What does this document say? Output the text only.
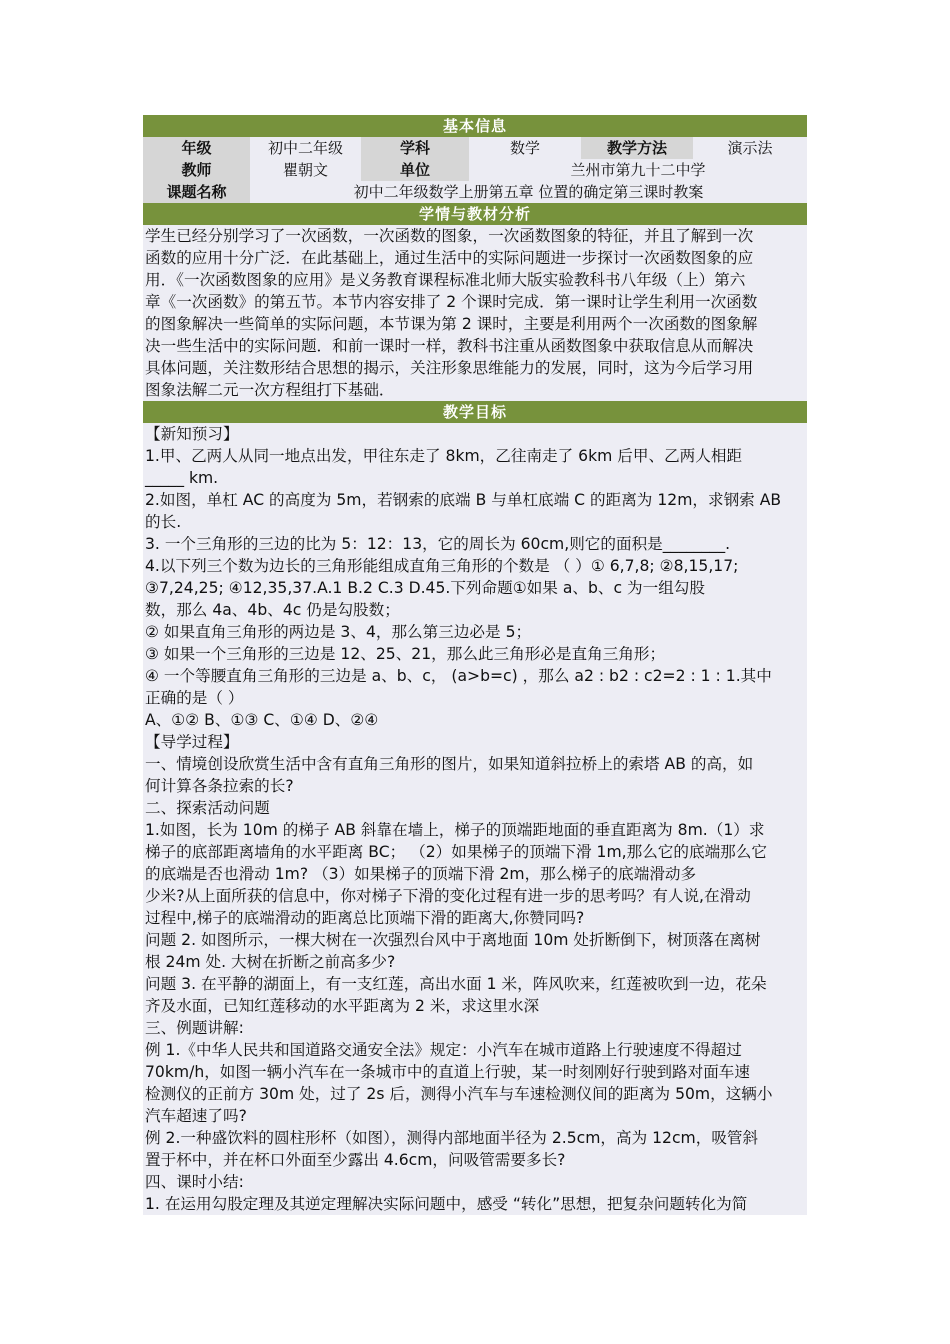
基本信息
年级	初中二年级	学科	数学	教学方法	演示法
教师	瞿朝文	单位	兰州市第九十二中学
课题名称	初中二年级数学上册第五章 位置的确定第三课时教案
学情与教材分析

学生已经分别学习了一次函数，一次函数的图象，一次函数图象的特征，并且了解到一次

函数的应用十分广泛．在此基础上，通过生活中的实际问题进一步探讨一次函数图象的应

用．《一次函数图象的应用》是义务教育课程标准北师大版实验教科书八年级（上）第六

章《一次函数》的第五节。本节内容安排了 2 个课时完成．第一课时让学生利用一次函数

的图象解决一些简单的实际问题，本节课为第 2 课时，主要是利用两个一次函数的图象解

决一些生活中的实际问题．和前一课时一样，教科书注重从函数图象中获取信息从而解决

具体问题，关注数形结合思想的揭示，关注形象思维能力的发展，同时，这为今后学习用

图象法解二元一次方程组打下基础．

教学目标

【新知预习】

1.甲、乙两人从同一地点出发，甲往东走了 8km，乙往南走了 6km 后甲、乙两人相距

_____ km.

2.如图，单杠 AC 的高度为 5m，若钢索的底端 B 与单杠底端 C 的距离为 12m，求钢索 AB

的长.

3. 一个三角形的三边的比为 5：12：13，它的周长为 60cm,则它的面积是________.

4.以下列三个数为边长的三角形能组成直角三角形的个数是 （ ）① 6,7,8; ②8,15,17;

③7,24,25; ④12,35,37.A.1 B.2 C.3 D.45.下列命题①如果 a、b、c 为一组勾股

数，那么 4a、4b、4c 仍是勾股数；

② 如果直角三角形的两边是 3、4，那么第三边必是 5；

③ 如果一个三角形的三边是 12、25、21，那么此三角形必是直角三角形；

④ 一个等腰直角三角形的三边是 a、b、c， (a>b=c) ，那么 a2 : b2 : c2=2 : 1 : 1.其中

正确的是（ ）

A、①② B、①③ C、①④ D、②④

【导学过程】

一、情境创设欣赏生活中含有直角三角形的图片，如果知道斜拉桥上的索塔 AB 的高，如

何计算各条拉索的长?

二、探索活动问题

1.如图，长为 10m 的梯子 AB 斜靠在墙上，梯子的顶端距地面的垂直距离为 8m.（1）求

梯子的底部距离墙角的水平距离 BC； （2）如果梯子的顶端下滑 1m,那么它的底端那么它

的底端是否也滑动 1m? （3）如果梯子的顶端下滑 2m，那么梯子的底端滑动多

少米?从上面所获的信息中，你对梯子下滑的变化过程有进一步的思考吗？有人说,在滑动

过程中,梯子的底端滑动的距离总比顶端下滑的距离大,你赞同吗?

问题 2. 如图所示，一棵大树在一次强烈台风中于离地面 10m 处折断倒下，树顶落在离树

根 24m 处. 大树在折断之前高多少?

问题 3. 在平静的湖面上，有一支红莲，高出水面 1 米，阵风吹来，红莲被吹到一边，花朵

齐及水面，已知红莲移动的水平距离为 2 米，求这里水深

三、例题讲解:

例 1.《中华人民共和国道路交通安全法》规定：小汽车在城市道路上行驶速度不得超过

70km/h，如图一辆小汽车在一条城市中的直道上行驶，某一时刻刚好行驶到路对面车速

检测仪的正前方 30m 处，过了 2s 后，测得小汽车与车速检测仪间的距离为 50m，这辆小

汽车超速了吗?

例 2.一种盛饮料的圆柱形杯（如图），测得内部地面半径为 2.5cm，高为 12cm，吸管斜

置于杯中，并在杯口外面至少露出 4.6cm，问吸管需要多长?

四、课时小结:

1. 在运用勾股定理及其逆定理解决实际问题中，感受 “转化”思想，把复杂问题转化为简
